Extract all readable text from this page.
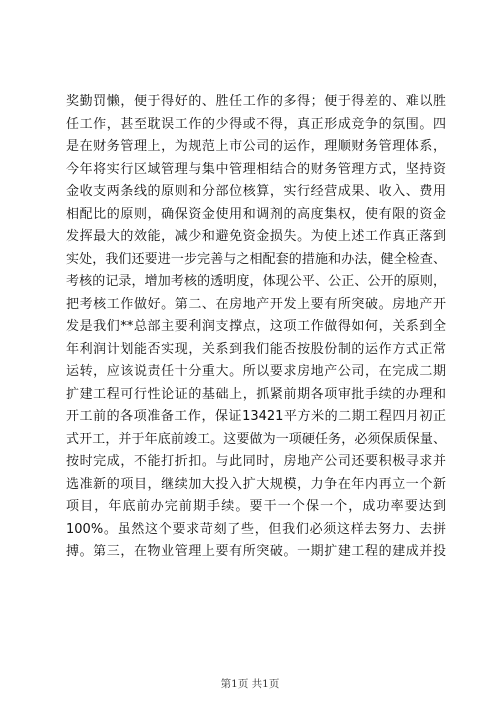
奖勤罚懒，便于得好的、胜任工作的多得；便于得差的、难以胜
任工作，甚至耽误工作的少得或不得，真正形成竞争的氛围。四
是在财务管理上，为规范上市公司的运作，理顺财务管理体系，
今年将实行区域管理与集中管理相结合的财务管理方式，坚持资
金收支两条线的原则和分部位核算，实行经营成果、收入、费用
相配比的原则，确保资金使用和调剂的高度集权，使有限的资金
发挥最大的效能，减少和避免资金损失。为使上述工作真正落到
实处，我们还要进一步完善与之相配套的措施和办法，健全检查、
考核的记录，增加考核的透明度，体现公平、公正、公开的原则，
把考核工作做好。第二、在房地产开发上要有所突破。房地产开
发是我们**总部主要利润支撑点，这项工作做得如何，关系到全
年利润计划能否实现，关系到我们能否按股份制的运作方式正常
运转，应该说责任十分重大。所以要求房地产公司，在完成二期
扩建工程可行性论证的基础上，抓紧前期各项审批手续的办理和
开工前的各项准备工作，保证13421平方米的二期工程四月初正
式开工，并于年底前竣工。这要做为一项硬任务，必须保质保量、
按时完成，不能打折扣。与此同时，房地产公司还要积极寻求并
选准新的项目，继续加大投入扩大规模，力争在年内再立一个新
项目，年底前办完前期手续。要干一个保一个，成功率要达到
100%。虽然这个要求苛刻了些，但我们必须这样去努力、去拼
搏。第三，在物业管理上要有所突破。一期扩建工程的建成并投
第1页 共1页
